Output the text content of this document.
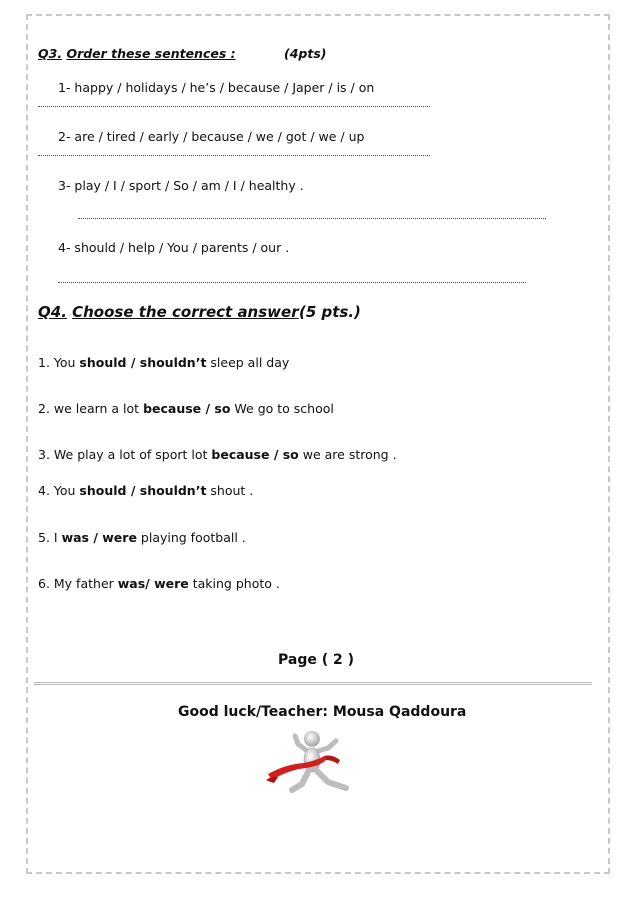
Q3. Order these sentences :	(4pts)
1- happy / holidays / he’s / because / Japer / is / on
2- are / tired / early / because / we / got / we / up
3- play / I / sport / So / am / I / healthy .
4- should / help / You / parents / our .
Q4. Choose the correct answer (5 pts.)
1. You should / shouldn’t sleep all day
2. we learn a lot because / so We go to school
3. We play a lot of sport lot because / so we are strong .
4. You should / shouldn’t shout .
5. I was / were playing football .
6. My father was/ were taking photo .
Page ( 2 )
Good luck/Teacher: Mousa Qaddoura
